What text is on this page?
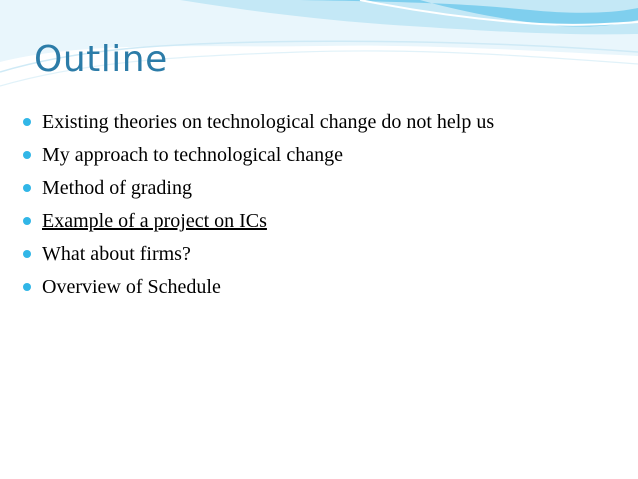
Outline
Existing theories on technological change do not help us
My approach to technological change
Method of grading
Example of a project on ICs
What about firms?
Overview of Schedule
